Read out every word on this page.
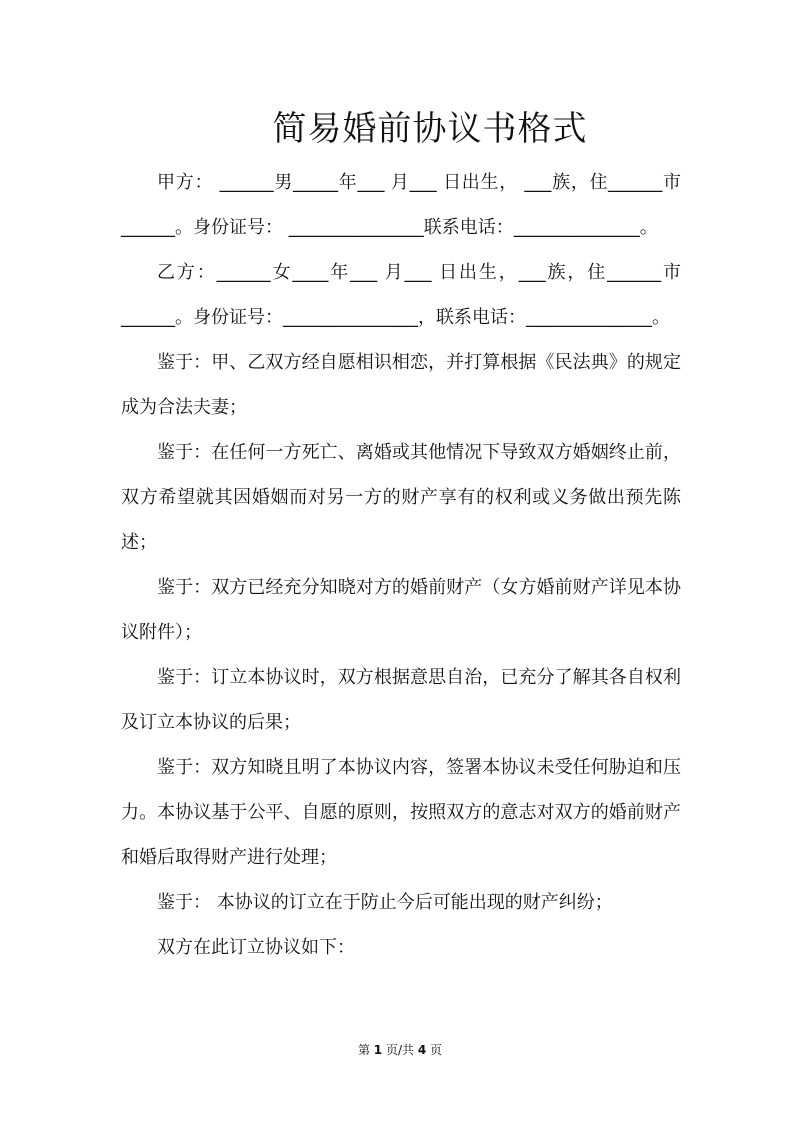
简易婚前协议书格式

甲方： ______男_____年___ 月___ 日出生， ___族，住______市______。身份证号： _______________联系电话：______________。

乙方：______女____年___ 月___ 日出生，___族，住______市______。身份证号：_______________，联系电话：______________。

鉴于：甲、乙双方经自愿相识相恋，并打算根据《民法典》的规定成为合法夫妻；

鉴于：在任何一方死亡、离婚或其他情况下导致双方婚姻终止前，双方希望就其因婚姻而对另一方的财产享有的权利或义务做出预先陈述；

鉴于：双方已经充分知晓对方的婚前财产（女方婚前财产详见本协议附件）；

鉴于：订立本协议时，双方根据意思自治，已充分了解其各自权利及订立本协议的后果；

鉴于：双方知晓且明了本协议内容，签署本协议未受任何胁迫和压力。本协议基于公平、自愿的原则，按照双方的意志对双方的婚前财产和婚后取得财产进行处理；

鉴于： 本协议的订立在于防止今后可能出现的财产纠纷；

双方在此订立协议如下：

第 1 页/共 4 页
